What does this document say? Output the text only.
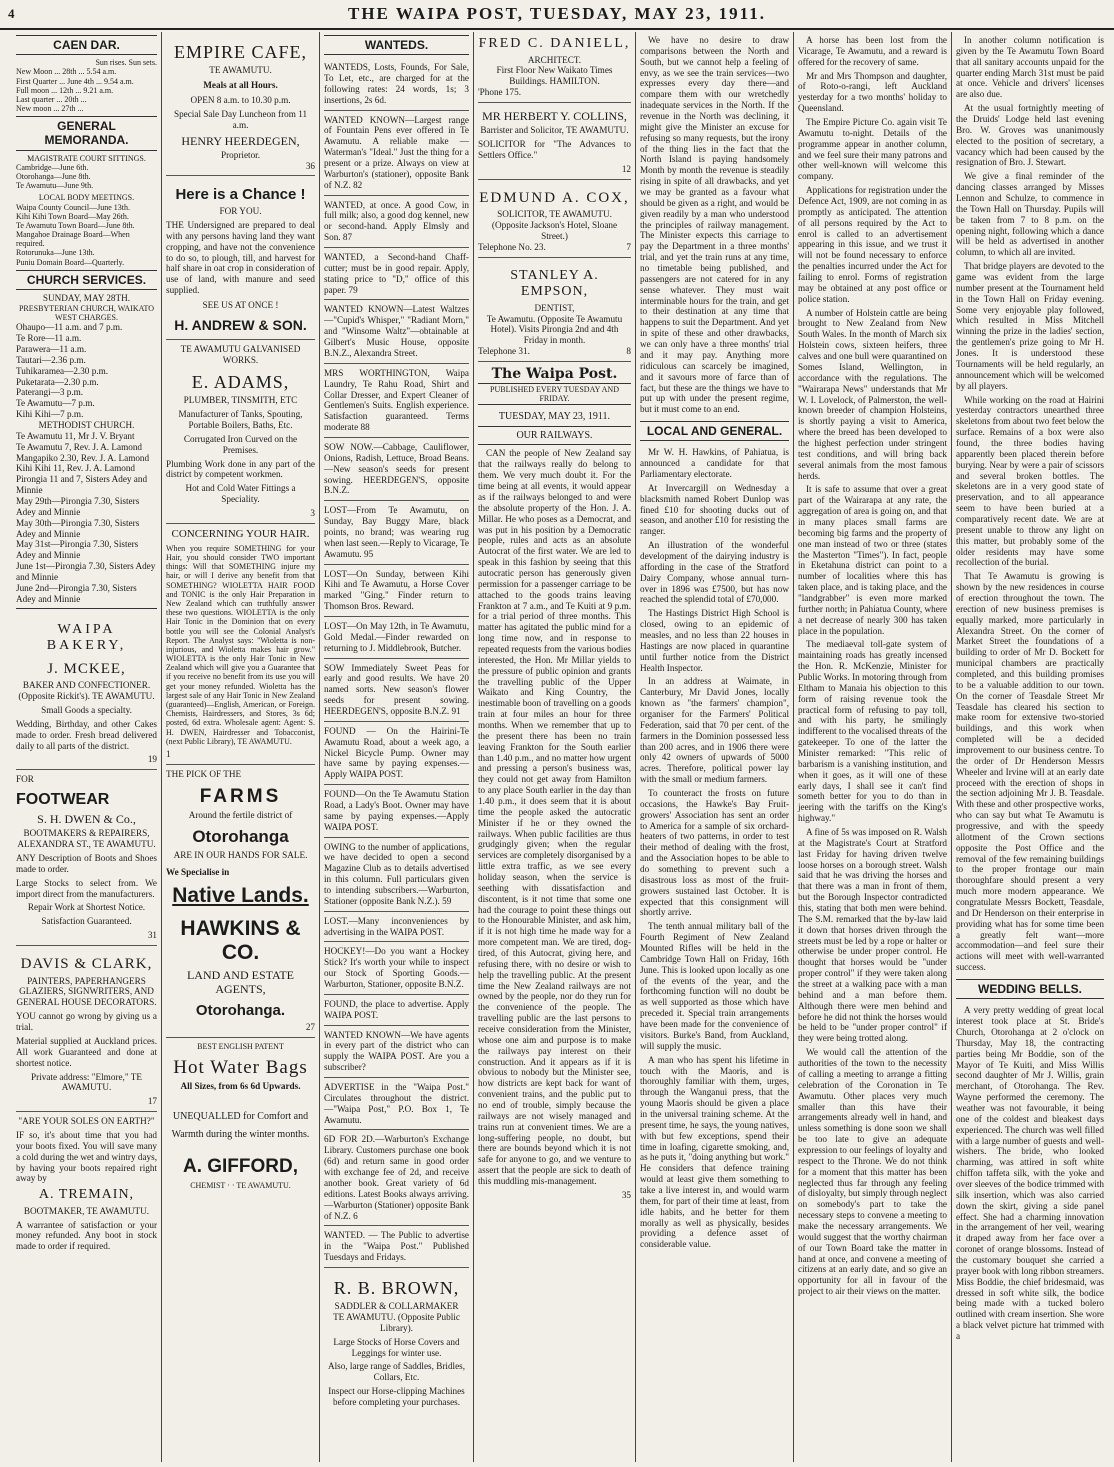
4	THE WAIPA POST, TUESDAY, MAY 23, 1911.
CAEN DAR.
Sun rises. Sun sets.
New Moon ... 28th ... 5.54 a.m.
First Quarter ... June 4th ... 9.54 a.m.
Full moon ... 12th ... 9.21 a.m.
Last quarter ... 20th ...
New moon ... 27th ...
GENERAL MEMORANDA.
MAGISTRATE COURT SITTINGS.
Cambridge—June 6th.
Otorohanga—June 8th.
Te Awamutu—June 9th.
LOCAL BODY MEETINGS.
Waipa County Council—June 13th.
Kihi Kihi Town Board—May 26th.
Te Awamutu Town Board—June 8th.
Mangahoe Drainage Board—When required.
Rotorunuka—June 13th.
Puniu Domain Board—Quarterly.
CHURCH SERVICES.
SUNDAY, MAY 28TH.
PRESBYTERIAN CHURCH, WAIKATO WEST CHARGES.
Ohaupo—11 a.m. and 7 p.m.
Te Rore—11 a.m.
Parawera—11 a.m.
Tautari—2.36 p.m.
Tuhikaramea—2.30 p.m.
Puketarata—2.30 p.m.
Paterangi—3 p.m.
Te Awamutu—7 p.m.
Kihi Kihi—7 p.m.
METHODIST CHURCH.
Te Awamutu 11, Mr J. V. Bryant
Te Awamutu 7, Rev. J. A. Lamond
Mangapiko 2.30, Rev. J. A. Lamond
Kihi Kihi 11, Rev. J. A. Lamond
Pirongia 11 and 7, Sisters Adey and Minnie
May 29th—Pirongia 7.30, Sisters Adey and Minnie
May 30th—Pirongia 7.30, Sisters Adey and Minnie
May 31st—Pirongia 7.30, Sisters Adey and Minnie
June 1st—Pirongia 7.30, Sisters Adey and Minnie
June 2nd—Pirongia 7.30, Sisters Adey and Minnie
WAIPA BAKERY,
J. MCKEE,
BAKER AND CONFECTIONER.
(Opposite Rickit's). TE AWAMUTU.

Small Goods a specialty.

Wedding, Birthday, and other Cakes made to order. Fresh bread delivered daily to all parts of the district.

19
FOR
FOOTWEAR
S. H. DWEN & Co.,
BOOTMAKERS & REPAIRERS,
ALEXANDRA ST., TE AWAMUTU.

ANY Description of Boots and Shoes made to order.

Large Stocks to select from. We import direct from the manufacturers.

Repair Work at Shortest Notice.

Satisfaction Guaranteed.

31
DAVIS & CLARK,
PAINTERS, PAPERHANGERS GLAZIERS, SIGNWRITERS, AND GENERAL HOUSE DECORATORS.

YOU cannot go wrong by giving us a trial.

Material supplied at Auckland prices. All work Guaranteed and done at shortest notice.

Private address: "Elmore," TE AWAMUTU.

17
"ARE YOUR SOLES ON EARTH?"

IF so, it's about time that you had your boots fixed. You will save many a cold during the wet and wintry days, by having your boots repaired right away by

A. TREMAIN,
BOOTMAKER, TE AWAMUTU.

A warrantee of satisfaction or your money refunded. Any boot in stock made to order if required.

EMPIRE CAFE,
TE AWAMUTU.
Meals at all Hours.

OPEN 8 a.m. to 10.30 p.m.

Special Sale Day Luncheon from 11 a.m.

HENRY HEERDEGEN,
Proprietor.
36
Here is a Chance !
FOR YOU.

THE Undersigned are prepared to deal with any persons having land they want cropping, and have not the convenience to do so, to plough, till, and harvest for half share in oat crop in consideration of use of land, with manure and seed supplied.

SEE US AT ONCE !
H. ANDREW & SON.
TE AWAMUTU GALVANISED WORKS.
E. ADAMS,
PLUMBER, TINSMITH, ETC

Manufacturer of Tanks, Spouting, Portable Boilers, Baths, Etc.

Corrugated Iron Curved on the Premises.

Plumbing Work done in any part of the district by competent workmen.

Hot and Cold Water Fittings a Speciality.

3
CONCERNING YOUR HAIR.

When you require SOMETHING for your Hair, you should consider TWO important things: Will that SOMETHING injure my hair, or will I derive any benefit from that SOMETHING? WIOLETTA HAIR FOOD and TONIC is the only Hair Preparation in New Zealand which can truthfully answer these two questions. WIOLETTA is the only Hair Tonic in the Dominion that on every bottle you will see the Colonial Analyst's Report. The Analyst says: "Wioletta is non-injurious, and Wioletta makes hair grow." WIOLETTA is the only Hair Tonic in New Zealand which will give you a Guarantee that if you receive no benefit from its use you will get your money refunded. Wioletta has the largest sale of any Hair Tonic in New Zealand (guaranteed)—English, American, or Foreign. Chemists, Hairdressers, and Stores, 3s 6d; posted, 6d extra. Wholesale agent: Agent: S. H. DWEN, Hairdresser and Tobacconist, (next Public Library), TE AWAMUTU.

1
THE PICK OF THE
FARMS
Around the fertile district of
Otorohanga

ARE IN OUR HANDS FOR SALE.

We Specialise in
Native Lands.
HAWKINS & CO.
LAND AND ESTATE AGENTS,
Otorohanga.
27
BEST ENGLISH PATENT
Hot Water Bags
All Sizes, from 6s 6d Upwards.

UNEQUALLED for Comfort and Warmth during the winter months.

A. GIFFORD,
CHEMIST · · TE AWAMUTU.
WANTEDS.

WANTEDS, Losts, Founds, For Sale, To Let, etc., are charged for at the following rates: 24 words, 1s; 3 insertions, 2s 6d.

WANTED KNOWN—Largest range of Fountain Pens ever offered in Te Awamutu. A reliable make — Waterman's "Ideal." Just the thing for a present or a prize. Always on view at Warburton's (stationer), opposite Bank of N.Z. 82

WANTED, at once. A good Cow, in full milk; also, a good dog kennel, new or second-hand. Apply Elmsly and Son. 87

WANTED, a Second-hand Chaff-cutter; must be in good repair. Apply, stating price to "D," office of this paper. 79

WANTED KNOWN—Latest Waltzes—"Cupid's Whisper," "Radiant Morn," and "Winsome Waltz"—obtainable at Gilbert's Music House, opposite B.N.Z., Alexandra Street.

MRS WORTHINGTON, Waipa Laundry, Te Rahu Road, Shirt and Collar Dresser, and Expert Cleaner of Gentlemen's Suits. English experience. Satisfaction guaranteed. Terms moderate 88

SOW NOW.—Cabbage, Cauliflower, Onions, Radish, Lettuce, Broad Beans.—New season's seeds for present sowing. HEERDEGEN'S, opposite B.N.Z.

LOST—From Te Awamutu, on Sunday, Bay Buggy Mare, black points, no brand; was wearing rug when last seen.—Reply to Vicarage, Te Awamutu. 95

LOST—On Sunday, between Kihi Kihi and Te Awamutu, a Horse Cover marked "Ging." Finder return to Thomson Bros. Reward.

LOST—On May 12th, in Te Awamutu, Gold Medal.—Finder rewarded on returning to J. Middlebrook, Butcher.

SOW Immediately Sweet Peas for early and good results. We have 20 named sorts. New season's flower seeds for present sowing. HEERDEGEN'S, opposite B.N.Z. 91

FOUND — On the Hairini-Te Awamutu Road, about a week ago, a Nickel Bicycle Pump. Owner may have same by paying expenses.—Apply WAIPA POST.

FOUND—On the Te Awamutu Station Road, a Lady's Boot. Owner may have same by paying expenses.—Apply WAIPA POST.

OWING to the number of applications, we have decided to open a second Magazine Club as to details advertised in this column. Full particulars given to intending subscribers.—Warburton, Stationer (opposite Bank N.Z.). 59

LOST.—Many inconveniences by advertising in the WAIPA POST.

HOCKEY!—Do you want a Hockey Stick? It's worth your while to inspect our Stock of Sporting Goods.—Warburton, Stationer, opposite B.N.Z.

FOUND, the place to advertise. Apply WAIPA POST.

WANTED KNOWN—We have agents in every part of the district who can supply the WAIPA POST. Are you a subscriber?

ADVERTISE in the "Waipa Post." Circulates throughout the district.—"Waipa Post," P.O. Box 1, Te Awamutu.

6D FOR 2D.—Warburton's Exchange Library. Customers purchase one book (6d) and return same in good order with exchange fee of 2d, and receive another book. Great variety of 6d editions. Latest Books always arriving.—Warburton (Stationer) opposite Bank of N.Z. 6

WANTED. — The Public to advertise in the "Waipa Post." Published Tuesdays and Fridays.

R. B. BROWN,
SADDLER & COLLARMAKER
TE AWAMUTU. (Opposite Public Library).

Large Stocks of Horse Covers and Leggings for winter use.

Also, large range of Saddles, Bridles, Collars, Etc.

Inspect our Horse-clipping Machines before completing your purchases.

FRED C. DANIELL,
ARCHITECT.
First Floor New Waikato Times Buildings. HAMILTON.
'Phone 175.
MR HERBERT Y. COLLINS,
Barrister and Solicitor, TE AWAMUTU.

SOLICITOR for "The Advances to Settlers Office."

12
EDMUND A. COX,
SOLICITOR, TE AWAMUTU.
(Opposite Jackson's Hotel, Sloane Street.)
Telephone No. 23.	7
STANLEY A. EMPSON,
DENTIST,
Te Awamutu. (Opposite Te Awamutu Hotel). Visits Pirongia 2nd and 4th Friday in month.
Telephone 31.	8
The Waipa Post.
PUBLISHED EVERY TUESDAY AND FRIDAY.
TUESDAY, MAY 23, 1911.
OUR RAILWAYS.

CAN the people of New Zealand say that the railways really do belong to them. We very much doubt it. For the time being at all events, it would appear as if the railways belonged to and were the absolute property of the Hon. J. A. Millar. He who poses as a Democrat, and was put in his position by a Democratic people, rules and acts as an absolute Autocrat of the first water. We are led to speak in this fashion by seeing that this autocratic person has generously given permission for a passenger carriage to be attached to the goods trains leaving Frankton at 7 a.m., and Te Kuiti at 9 p.m. for a trial period of three months. This matter has agitated the public mind for a long time now, and in response to repeated requests from the various bodies interested, the Hon. Mr Millar yields to the pressure of public opinion and grants the travelling public of the Upper Waikato and King Country, the inestimable boon of travelling on a goods train at four miles an hour for three months. When we remember that up to the present there has been no train leaving Frankton for the South earlier than 1.40 p.m., and no matter how urgent and pressing a person's business was, they could not get away from Hamilton to any place South earlier in the day than 1.40 p.m., it does seem that it is about time the people asked the autocratic Minister if he or they owned the railways. When public facilities are thus grudgingly given; when the regular services are completely disorganised by a little extra traffic, as we see every holiday season, when the service is seething with dissatisfaction and discontent, is it not time that some one had the courage to point these things out to the Honourable Minister, and ask him, if it is not high time he made way for a more competent man. We are tired, dog-tired, of this Autocrat, giving here, and refusing there, with no desire or wish to help the travelling public. At the present time the New Zealand railways are not owned by the people, nor do they run for the convenience of the people. The travelling public are the last persons to receive consideration from the Minister, whose one aim and purpose is to make the railways pay interest on their construction. And it appears as if it is obvious to nobody but the Minister see, how districts are kept back for want of convenient trains, and the public put to no end of trouble, simply because the railways are not wisely managed and trains run at convenient times. We are a long-suffering people, no doubt, but there are bounds beyond which it is not safe for anyone to go, and we venture to assert that the people are sick to death of this muddling mis-management.

35

We have no desire to draw comparisons between the North and South, but we cannot help a feeling of envy, as we see the train services—two expresses every day there—and compare them with our wretchedly inadequate services in the North. If the revenue in the North was declining, it might give the Minister an excuse for refusing so many requests, but the irony of the thing lies in the fact that the North Island is paying handsomely Month by month the revenue is steadily rising in spite of all drawbacks, and yet we may be granted as a favour what should be given as a right, and would be given readily by a man who understood the principles of railway management. The Minister expects this carriage to pay the Department in a three months' trial, and yet the train runs at any time, no timetable being published, and passengers are not catered for in any sense whatever. They must wait interminable hours for the train, and get to their destination at any time that happens to suit the Department. And yet in spite of these and other drawbacks, we can only have a three months' trial and it may pay. Anything more ridiculous can scarcely be imagined, and it savours more of farce than of fact, but these are the things we have to put up with under the present regime, but it must come to an end.

LOCAL AND GENERAL.

Mr W. H. Hawkins, of Pahiatua, is announced a candidate for that Parliamentary electorate.

At Invercargill on Wednesday a blacksmith named Robert Dunlop was fined £10 for shooting ducks out of season, and another £10 for resisting the ranger.

An illustration of the wonderful development of the dairying industry is affording in the case of the Stratford Dairy Company, whose annual turn-over in 1896 was £7500, but has now reached the splendid total of £70,000.

The Hastings District High School is closed, owing to an epidemic of measles, and no less than 22 houses in Hastings are now placed in quarantine until further notice from the District Health Inspector.

In an address at Waimate, in Canterbury, Mr David Jones, locally known as "the farmers' champion", organiser for the Farmers' Political Federation, said that 70 per cent. of the farmers in the Dominion possessed less than 200 acres, and in 1906 there were only 42 owners of upwards of 5000 acres. Therefore, political power lay with the small or medium farmers.

To counteract the frosts on future occasions, the Hawke's Bay Fruit-growers' Association has sent an order to America for a sample of six orchard-heaters of two patterns, in order to test their method of dealing with the frost, and the Association hopes to be able to do something to prevent such a disastrous loss as most of the fruit-growers sustained last October. It is expected that this consignment will shortly arrive.

The tenth annual military ball of the Fourth Regiment of New Zealand Mounted Rifles will be held in the Cambridge Town Hall on Friday, 16th June. This is looked upon locally as one of the events of the year, and the forthcoming function will no doubt be as well supported as those which have preceded it. Special train arrangements have been made for the convenience of visitors. Burke's Band, from Auckland, will supply the music.

A man who has spent his lifetime in touch with the Maoris, and is thoroughly familiar with them, urges, through the Wanganui press, that the young Maoris should be given a place in the universal training scheme. At the present time, he says, the young natives, with but few exceptions, spend their time in loafing, cigarette smoking, and, as he puts it, "doing anything but work." He considers that defence training would at least give them something to take a live interest in, and would warm them, for part of their time at least, from idle habits, and he better for them morally as well as physically, besides providing a defence asset of considerable value.

A horse has been lost from the Vicarage, Te Awamutu, and a reward is offered for the recovery of same.

Mr and Mrs Thompson and daughter, of Roto-o-rangi, left Auckland yesterday for a two months' holiday to Queensland.

The Empire Picture Co. again visit Te Awamutu to-night. Details of the programme appear in another column, and we feel sure their many patrons and other well-known will welcome this company.

Applications for registration under the Defence Act, 1909, are not coming in as promptly as anticipated. The attention of all persons required by the Act to enrol is called to an advertisement appearing in this issue, and we trust it will not be found necessary to enforce the penalties incurred under the Act for failing to enrol. Forms of registration may be obtained at any post office or police station.

A number of Holstein cattle are being brought to New Zealand from New South Wales. In the month of March six Holstein cows, sixteen heifers, three calves and one bull were quarantined on Somes Island, Wellington, in accordance with the regulations. The "Wairarapa News" understands that Mr W. I. Lovelock, of Palmerston, the well-known breeder of champion Holsteins, is shortly paying a visit to America, where the breed has been developed to the highest perfection under stringent test conditions, and will bring back several animals from the most famous herds.

It is safe to assume that over a great part of the Wairarapa at any rate, the aggregation of area is going on, and that in many places small farms are becoming big farms and the property of one man instead of two or three (states the Masterton "Times"). In fact, people in Eketahuna district can point to a number of localities where this has taken place, and is taking place, and the "landgrabber" is even more marked further north; in Pahiatua County, where a net decrease of nearly 300 has taken place in the population.

The mediaeval toll-gate system of maintaining roads has greatly incensed the Hon. R. McKenzie, Minister for Public Works. In motoring through from Eltham to Manaia his objection to this form of raising revenue took the practical form of refusing to pay toll, and with his party, he smilingly indifferent to the vocalised threats of the gatekeeper. To one of the latter the Minister remarked: "This relic of barbarism is a vanishing institution, and when it goes, as it will one of these early days, I shall see it can't find someth better for you to do than in jeering with the tariffs on the King's highway."

A fine of 5s was imposed on R. Walsh at the Magistrate's Court at Stratford last Friday for having driven twelve loose horses on a borough street. Walsh said that he was driving the horses and that there was a man in front of them, but the Borough Inspector contradicted this, stating that both men were behind. The S.M. remarked that the by-law laid it down that horses driven through the streets must be led by a rope or halter or otherwise be under proper control. He thought that horses would be "under proper control" if they were taken along the street at a walking pace with a man behind and a man before them. Although there were men behind and before he did not think the horses would be held to be "under proper control" if they were being trotted along.

We would call the attention of the authorities of the town to the necessity of calling a meeting to arrange a fitting celebration of the Coronation in Te Awamutu. Other places very much smaller than this have their arrangements already well in hand, and unless something is done soon we shall be too late to give an adequate expression to our feelings of loyalty and respect to the Throne. We do not think for a moment that this matter has been neglected thus far through any feeling of disloyalty, but simply through neglect on somebody's part to take the necessary steps to convene a meeting to make the necessary arrangements. We would suggest that the worthy chairman of our Town Board take the matter in hand at once, and convene a meeting of citizens at an early date, and so give an opportunity for all in favour of the project to air their views on the matter.

In another column notification is given by the Te Awamutu Town Board that all sanitary accounts unpaid for the quarter ending March 31st must be paid at once. Vehicle and drivers' licenses are also due.

At the usual fortnightly meeting of the Druids' Lodge held last evening Bro. W. Groves was unanimously elected to the position of secretary, a vacancy which had been caused by the resignation of Bro. J. Stewart.

We give a final reminder of the dancing classes arranged by Misses Lennon and Schulze, to commence in the Town Hall on Thursday. Pupils will be taken from 7 to 8 p.m. on the opening night, following which a dance will be held as advertised in another column, to which all are invited.

That bridge players are devoted to the game was evident from the large number present at the Tournament held in the Town Hall on Friday evening. Some very enjoyable play followed, which resulted in Miss Mitchell winning the prize in the ladies' section, the gentlemen's prize going to Mr H. Jones. It is understood these Tournaments will be held regularly, an announcement which will be welcomed by all players.

While working on the road at Hairini yesterday contractors unearthed three skeletons from about two feet below the surface. Remains of a box were also found, the three bodies having apparently been placed therein before burying. Near by were a pair of scissors and several broken bottles. The skeletons are in a very good state of preservation, and to all appearance seem to have been buried at a comparatively recent date. We are at present unable to throw any light on this matter, but probably some of the older residents may have some recollection of the burial.

That Te Awamutu is growing is shown by the new residences in course of erection throughout the town. The erection of new business premises is equally marked, more particularly in Alexandra Street. On the corner of Market Street the foundations of a building to order of Mr D. Bockett for municipal chambers are practically completed, and this building promises to be a valuable addition to our town. On the corner of Teasdale Street Mr Teasdale has cleared his section to make room for extensive two-storied buildings, and this work when completed will be a decided improvement to our business centre. To the order of Dr Henderson Messrs Wheeler and Irvine will at an early date proceed with the erection of shops in the section adjoining Mr J. B. Teasdale. With these and other prospective works, who can say but what Te Awamutu is progressive, and with the speedy allotment of the Crown sections opposite the Post Office and the removal of the few remaining buildings to the proper frontage our main thoroughfare should present a very much more modern appearance. We congratulate Messrs Bockett, Teasdale, and Dr Henderson on their enterprise in providing what has for some time been a greatly felt want—more accommodation—and feel sure their actions will meet with well-warranted success.

WEDDING BELLS.

A very pretty wedding of great local interest took place at St. Bride's Church, Otorohanga at 2 o'clock on Thursday, May 18, the contracting parties being Mr Boddie, son of the Mayor of Te Kuiti, and Miss Willis second daughter of Mr J. Willis, grain merchant, of Otorohanga. The Rev. Wayne performed the ceremony. The weather was not favourable, it being one of the coldest and bleakest days experienced. The church was well filled with a large number of guests and well-wishers. The bride, who looked charming, was attired in soft white chiffon taffeta silk, with the yoke and over sleeves of the bodice trimmed with silk insertion, which was also carried down the skirt, giving a side panel effect. She had a charming innovation in the arrangement of her veil, wearing it draped away from her face over a coronet of orange blossoms. Instead of the customary bouquet she carried a prayer book with long ribbon streamers. Miss Boddie, the chief bridesmaid, was dressed in soft white silk, the bodice being made with a tucked bolero outlined with cream insertion. She wore a black velvet picture hat trimmed with a
